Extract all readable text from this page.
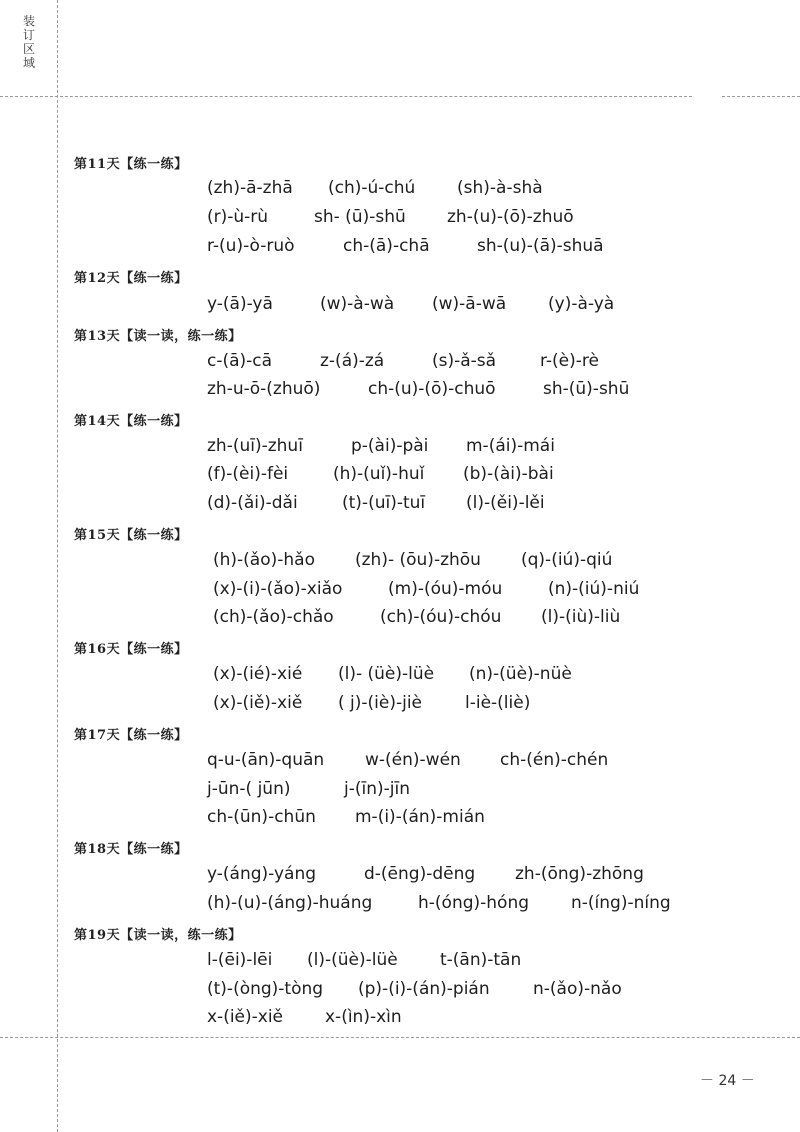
装
订
区
域
第11天【练一练】
(zh)-ā-zhā (ch)-ú-chú (sh)-à-shà
(r)-ù-rù	sh- (ū)-shū zh-(u)-(ō)-zhuō
r-(u)-ò-ruò	ch-(ā)-chā	sh-(u)-(ā)-shuā
第12天【练一练】
y-(ā)-yā	(w)-à-wà (w)-ā-wā (y)-à-yà
第13天【读一读，练一练】
c-(ā)-cā	z-(á)-zá	(s)-ǎ-sǎ	r-(è)-rè
zh-u-ō-(zhuō)	ch-(u)-(ō)-chuō	sh-(ū)-shū
第14天【练一练】
zh-(uī)-zhuī	p-(ài)-pài m-(ái)-mái
(f)-(èi)-fèi	(h)-(uǐ)-huǐ (b)-(ài)-bài
(d)-(ǎi)-dǎi	(t)-(uī)-tuī (l)-(ěi)-lěi
第15天【练一练】
(h)-(ǎo)-hǎo (zh)- (ōu)-zhōu (q)-(iú)-qiú
(x)-(i)-(ǎo)-xiǎo	(m)-(óu)-móu	(n)-(iú)-niú
(ch)-(ǎo)-chǎo	(ch)-(óu)-chóu (l)-(iù)-liù
第16天【练一练】
(x)-(ié)-xié (l)- (üè)-lüè (n)-(üè)-nüè
(x)-(iě)-xiě ( j)-(iè)-jiè	l-iè-(liè)
第17天【练一练】
q-u-(ān)-quān w-(én)-wén ch-(én)-chén
j-ūn-( jūn)	j-(īn)-jīn
ch-(ūn)-chūn m-(i)-(án)-mián
第18天【练一练】
y-(áng)-yáng	d-(ēng)-dēng zh-(ōng)-zhōng
(h)-(u)-(áng)-huáng	h-(óng)-hóng n-(íng)-níng
第19天【读一读，练一练】
l-(ēi)-lēi (l)-(üè)-lüè t-(ān)-tān
(t)-(òng)-tòng (p)-(i)-(án)-pián	n-(ǎo)-nǎo
x-(iě)-xiě x-(ìn)-xìn
－ 24 －
